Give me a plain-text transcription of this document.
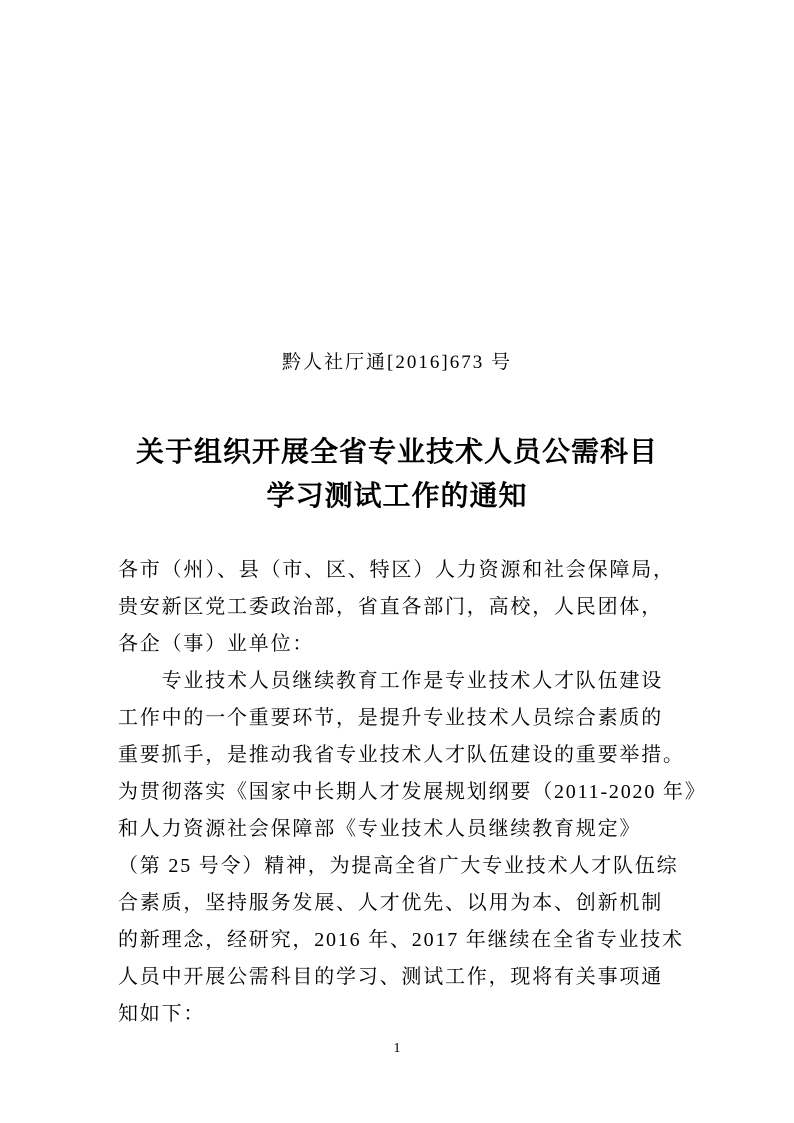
黔人社厅通[2016]673 号
关于组织开展全省专业技术人员公需科目
学习测试工作的通知
各市（州）、县（市、区、特区）人力资源和社会保障局，
贵安新区党工委政治部，省直各部门，高校，人民团体，
各企（事）业单位：
　　专业技术人员继续教育工作是专业技术人才队伍建设
工作中的一个重要环节，是提升专业技术人员综合素质的
重要抓手，是推动我省专业技术人才队伍建设的重要举措。
为贯彻落实《国家中长期人才发展规划纲要（2011-2020 年》
和人力资源社会保障部《专业技术人员继续教育规定》
（第 25 号令）精神，为提高全省广大专业技术人才队伍综
合素质，坚持服务发展、人才优先、以用为本、创新机制
的新理念，经研究，2016 年、2017 年继续在全省专业技术
人员中开展公需科目的学习、测试工作，现将有关事项通
知如下：
1
